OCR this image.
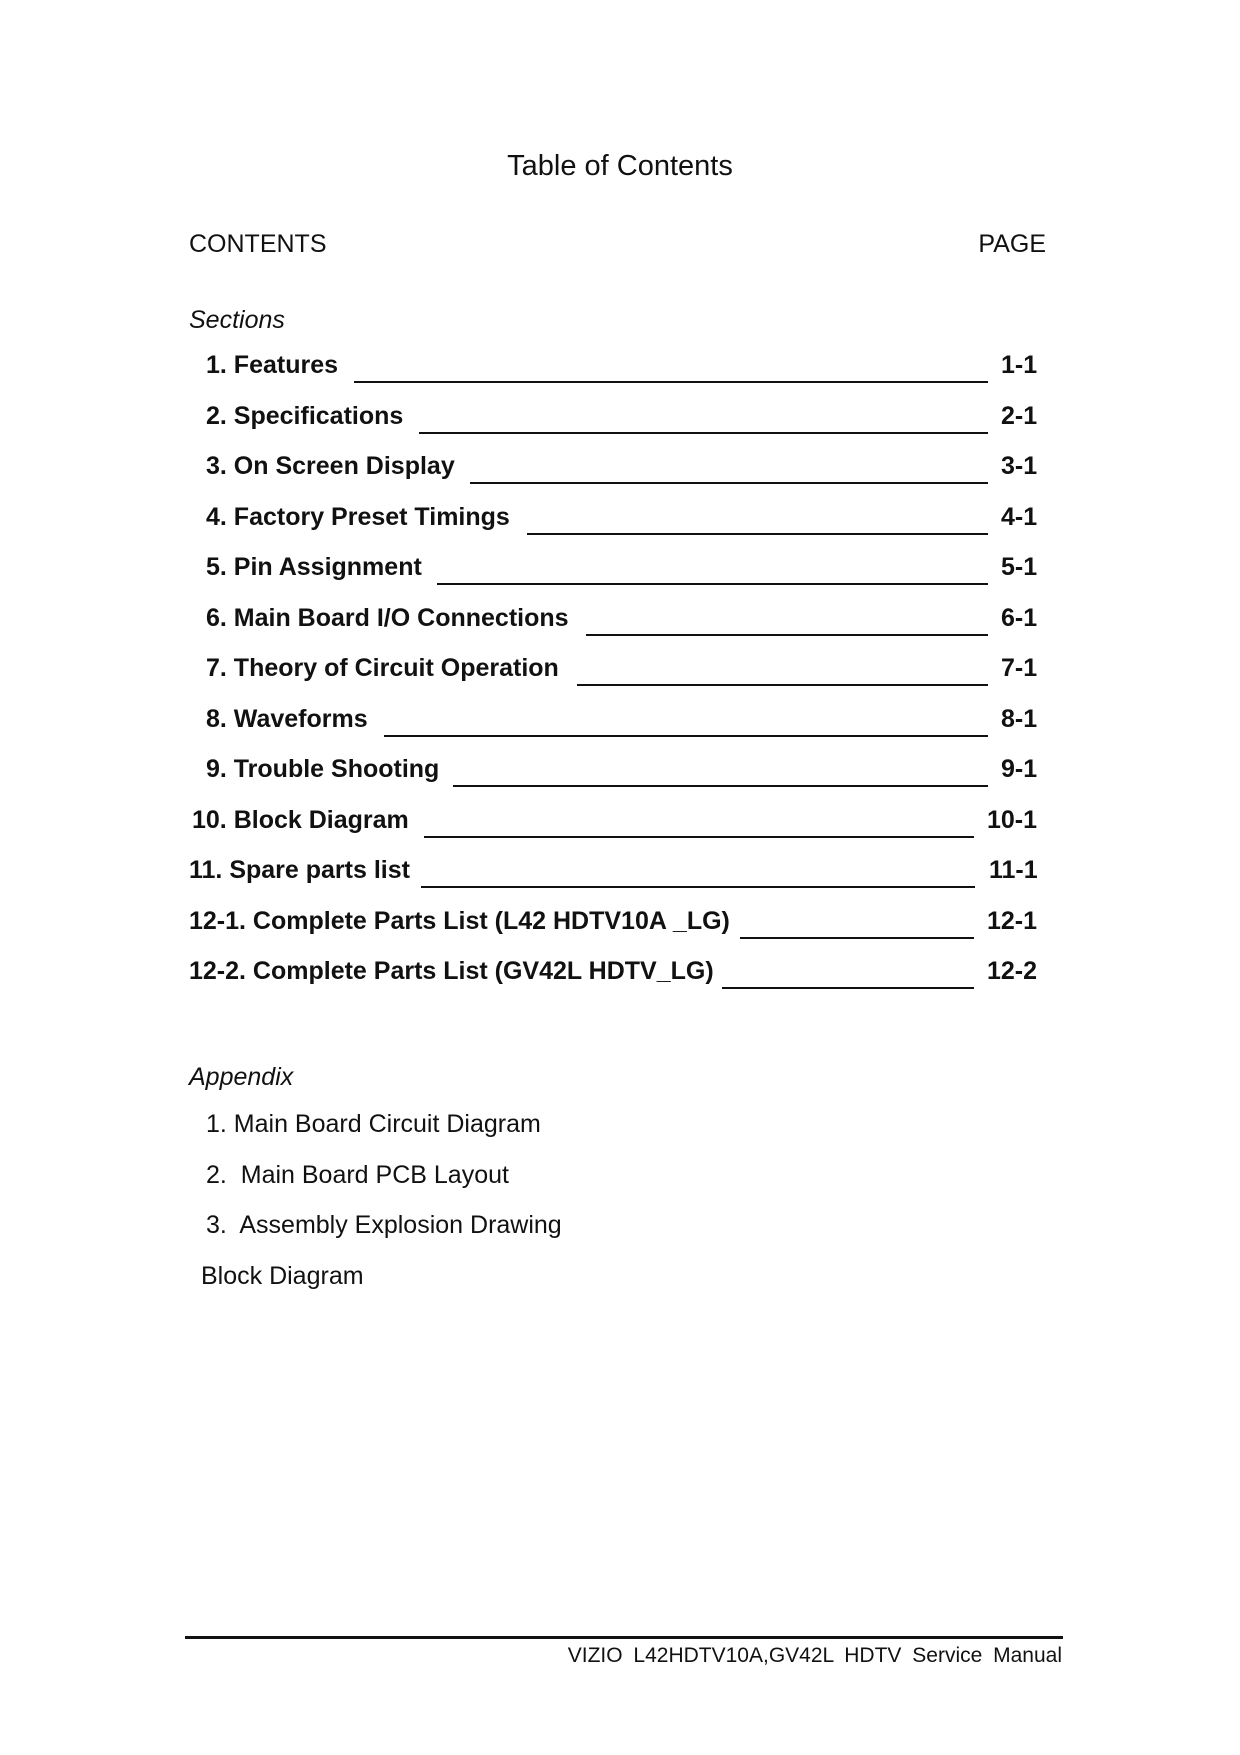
Table of Contents
CONTENTS	PAGE
Sections
1. Features	1-1
2. Specifications	2-1
3. On Screen Display	3-1
4. Factory Preset Timings	4-1
5. Pin Assignment	5-1
6. Main Board I/O Connections	6-1
7. Theory of Circuit Operation	7-1
8. Waveforms	8-1
9. Trouble Shooting	9-1
10. Block Diagram	10-1
11. Spare parts list	11-1
12-1. Complete Parts List (L42 HDTV10A _LG)	12-1
12-2. Complete Parts List (GV42L HDTV_LG)	12-2
Appendix
1. Main Board Circuit Diagram
2.  Main Board PCB Layout
3.  Assembly Explosion Drawing
Block Diagram
VIZIO L42HDTV10A,GV42L HDTV Service Manual
